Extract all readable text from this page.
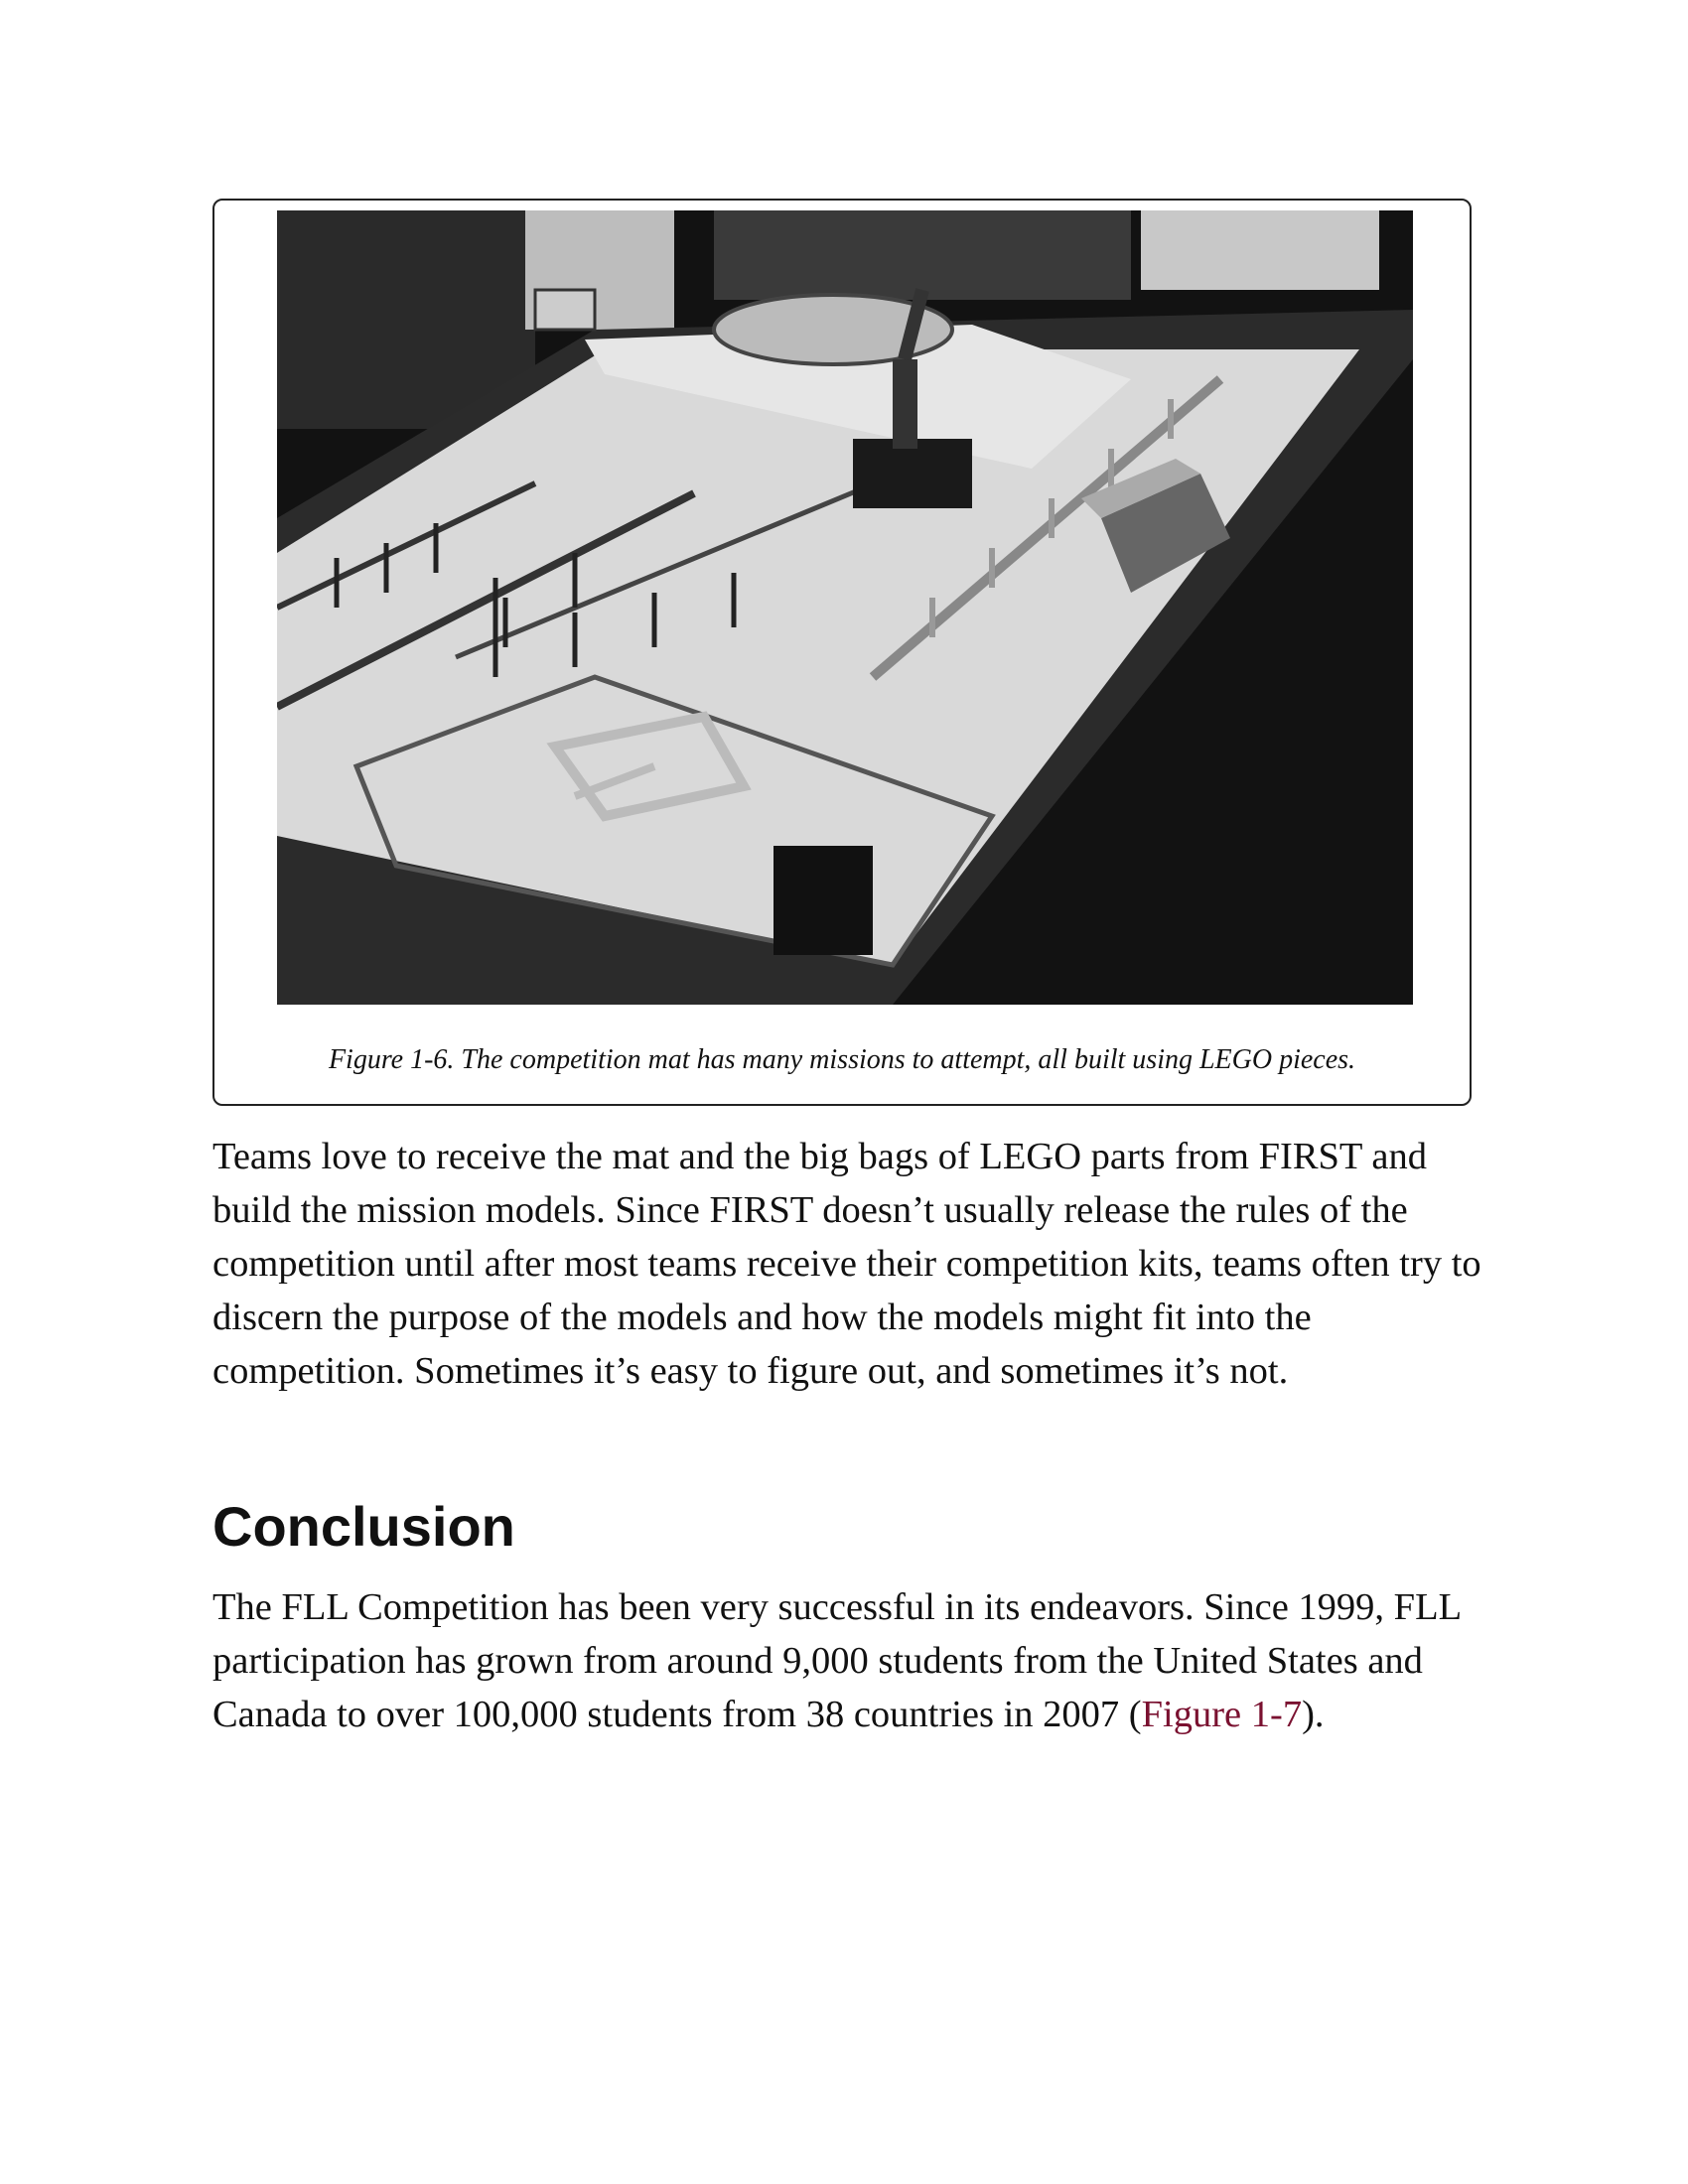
Figure 1-6. The competition mat has many missions to attempt, all built using LEGO pieces.

Teams love to receive the mat and the big bags of LEGO parts from FIRST and build the mission models. Since FIRST doesn’t usually release the rules of the competition until after most teams receive their competition kits, teams often try to discern the purpose of the models and how the models might fit into the competition. Sometimes it’s easy to figure out, and sometimes it’s not.

Conclusion

The FLL Competition has been very successful in its endeavors. Since 1999, FLL participation has grown from around 9,000 students from the United States and Canada to over 100,000 students from 38 countries in 2007 (Figure 1-7).
